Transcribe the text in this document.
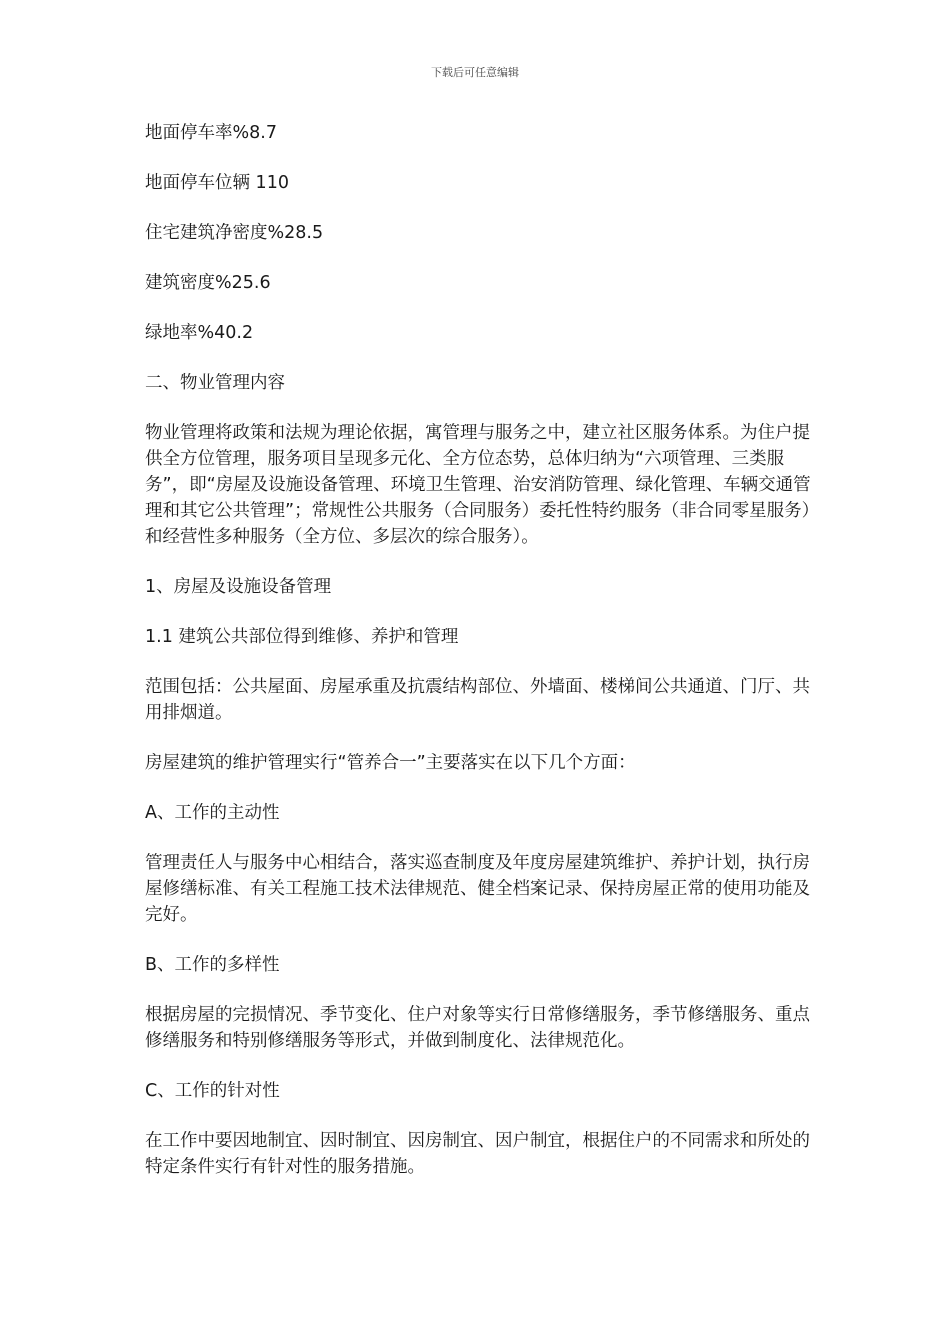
下载后可任意编辑

地面停车率%8.7

地面停车位辆 110

住宅建筑净密度%28.5

建筑密度%25.6

绿地率%40.2

二、物业管理内容

物业管理将政策和法规为理论依据，寓管理与服务之中，建立社区服务体系。为住户提供全方位管理，服务项目呈现多元化、全方位态势，总体归纳为“六项管理、三类服务”，即“房屋及设施设备管理、环境卫生管理、治安消防管理、绿化管理、车辆交通管理和其它公共管理”；常规性公共服务（合同服务）委托性特约服务（非合同零星服务）和经营性多种服务（全方位、多层次的综合服务）。

1、房屋及设施设备管理

1.1 建筑公共部位得到维修、养护和管理

范围包括：公共屋面、房屋承重及抗震结构部位、外墙面、楼梯间公共通道、门厅、共用排烟道。

房屋建筑的维护管理实行“管养合一”主要落实在以下几个方面：

A、工作的主动性

管理责任人与服务中心相结合，落实巡查制度及年度房屋建筑维护、养护计划，执行房屋修缮标准、有关工程施工技术法律规范、健全档案记录、保持房屋正常的使用功能及完好。

B、工作的多样性

根据房屋的完损情况、季节变化、住户对象等实行日常修缮服务，季节修缮服务、重点修缮服务和特别修缮服务等形式，并做到制度化、法律规范化。

C、工作的针对性

在工作中要因地制宜、因时制宜、因房制宜、因户制宜，根据住户的不同需求和所处的特定条件实行有针对性的服务措施。
